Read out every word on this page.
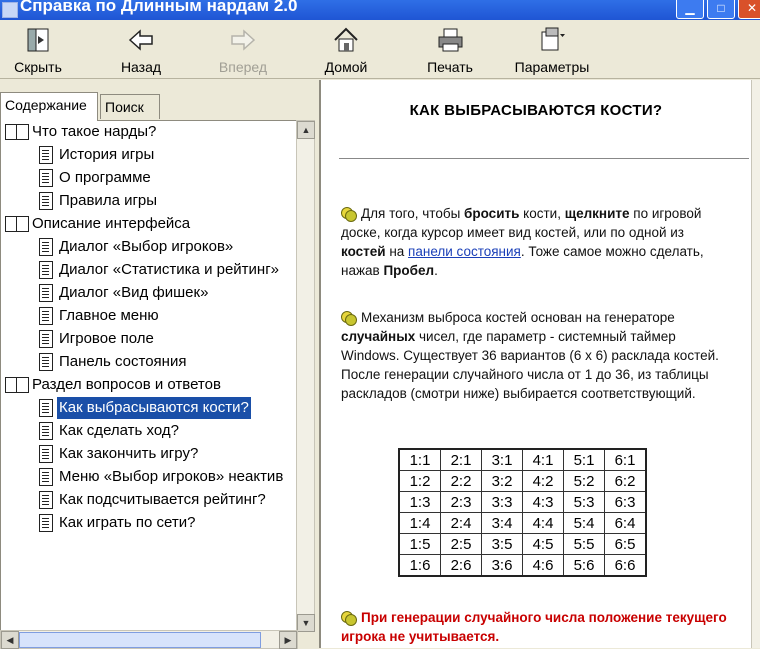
Справка по Длинным нардам 2.0	▁	□	✕
Скрыть	Назад	Вперед	Домой	Печать	Параметры
Содержание	Поиск
Что такое нарды?
История игры
О программе
Правила игры
Описание интерфейса
Диалог «Выбор игроков»
Диалог «Статистика и рейтинг»
Диалог «Вид фишек»
Главное меню
Игровое поле
Панель состояния
Раздел вопросов и ответов
Как выбрасываются кости?
Как сделать ход?
Как закончить игру?
Меню «Выбор игроков» неактив
Как подсчитывается рейтинг?
Как играть по сети?
▲
▼
◀	▶
КАК ВЫБРАСЫВАЮТСЯ КОСТИ?
Для того, чтобы бросить кости, щелкните по игровой доске, когда курсор имеет вид костей, или по одной из костей на панели состояния. Тоже самое можно сделать, нажав Пробел.
Механизм выброса костей основан на генераторе случайных чисел, где параметр - системный таймер Windows. Существует 36 вариантов (6 x 6) расклада костей. После генерации случайного числа от 1 до 36, из таблицы раскладов (смотри ниже) выбирается соответствующий.
1:1	2:1	3:1	4:1	5:1	6:1
1:2	2:2	3:2	4:2	5:2	6:2
1:3	2:3	3:3	4:3	5:3	6:3
1:4	2:4	3:4	4:4	5:4	6:4
1:5	2:5	3:5	4:5	5:5	6:5
1:6	2:6	3:6	4:6	5:6	6:6
При генерации случайного числа положение текущего игрока не учитывается.
